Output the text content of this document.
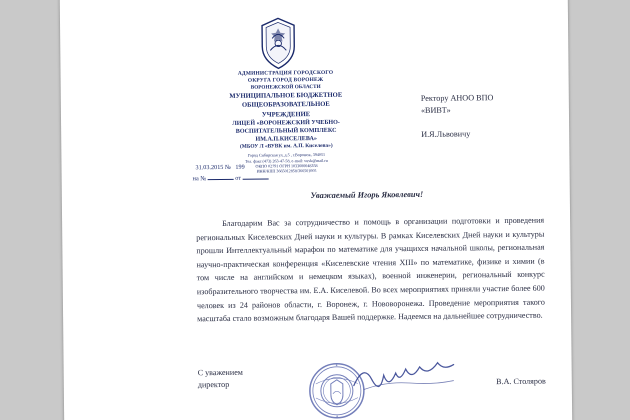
АДМИНИСТРАЦИЯ ГОРОДСКОГО
ОКРУГА ГОРОД ВОРОНЕЖ
ВОРОНЕЖСКОЙ ОБЛАСТИ
МУНИЦИПАЛЬНОЕ БЮДЖЕТНОЕ
ОБЩЕОБРАЗОВАТЕЛЬНОЕ
УЧРЕЖДЕНИЕ
ЛИЦЕЙ «ВОРОНЕЖСКИЙ УЧЕБНО-
ВОСПИТАТЕЛЬНЫЙ КОМПЛЕКС
ИМ.А.П.КИСЕЛЕВА»
(МБОУ Л «ВУВК им. А.П. Киселева»)
Город Сибирская ул, д.5 , г.Воронеж, 394051
Тел. факс (473) 263-47-58, e-mail: vuvk@mail.ru
ОКПО 02791 ОГРН 1033600048358
ИНН/КПП 3665012858/366501005
31.03.2015 № 199
на №	от
Ректору АНОО ВПО
«ВИВТ»

И.Я.Львовичу
Уважаемый Игорь Яковлевич!

Благодарим Вас за сотрудничество и помощь в организации подготовки и проведения региональных Киселевских Дней науки и культуры. В рамках Киселевских Дней науки и культуры прошли Интеллектуальный марафон по математике для учащихся начальной школы, региональная научно-практическая конференция «Киселевские чтения XIII» по математике, физике и химии (в том числе на английском и немецком языках), военной инженерии, региональный конкурс изобразительного творчества им. Е.А. Киселевой. Во всех мероприятиях приняли участие более 600 человек из 24 районов области, г. Воронеж, г. Нововоронежа. Проведение мероприятия такого масштаба стало возможным благодаря Вашей поддержке. Надеемся на дальнейшее сотрудничество.

С уважением
директор	В.А. Столяров
